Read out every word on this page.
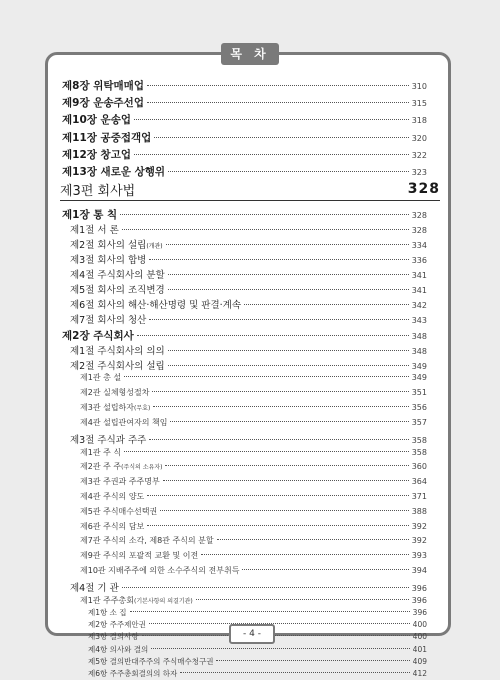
목 차
제8장 위탁매매업	310
제9장 운송주선업	315
제10장 운송업	318
제11장 공중접객업	320
제12장 창고업	322
제13장 새로운 상행위	323
제3편 회사법	328
제1장 통 칙	328
제1절 서 론	328
제2절 회사의 설립 (개관)	334
제3절 회사의 합병	336
제4절 주식회사의 분할	341
제5절 회사의 조직변경	341
제6절 회사의 해산·해산명령 및 판결·계속	342
제7절 회사의 청산	343
제2장 주식회사	348
제1절 주식회사의 의의	348
제2절 주식회사의 설립	349
제1관 총 설	349
제2관 실체형성절차	351
제3관 설립하자 (무효)	356
제4관 설립관여자의 책임	357
제3절 주식과 주주	358
제1관 주 식	358
제2관 주 주 (주식의 소유자)	360
제3관 주권과 주주명부	364
제4관 주식의 양도	371
제5관 주식매수선택권	388
제6관 주식의 담보	392
제7관 주식의 소각, 제8관 주식의 분할	392
제9관 주식의 포괄적 교환 및 이전	393
제10관 지배주주에 의한 소수주식의 전부취득	394
제4절 기 관	396
제1관 주주총회 (기본사항의 의결기관)	396
제1항 소 집	396
제2항 주주제안권	400
제3항 결의사항	400
제4항 의사와 결의	401
제5항 결의반대주주의 주식매수청구권	409
제6항 주주총회결의의 하자	412
- 4 -
